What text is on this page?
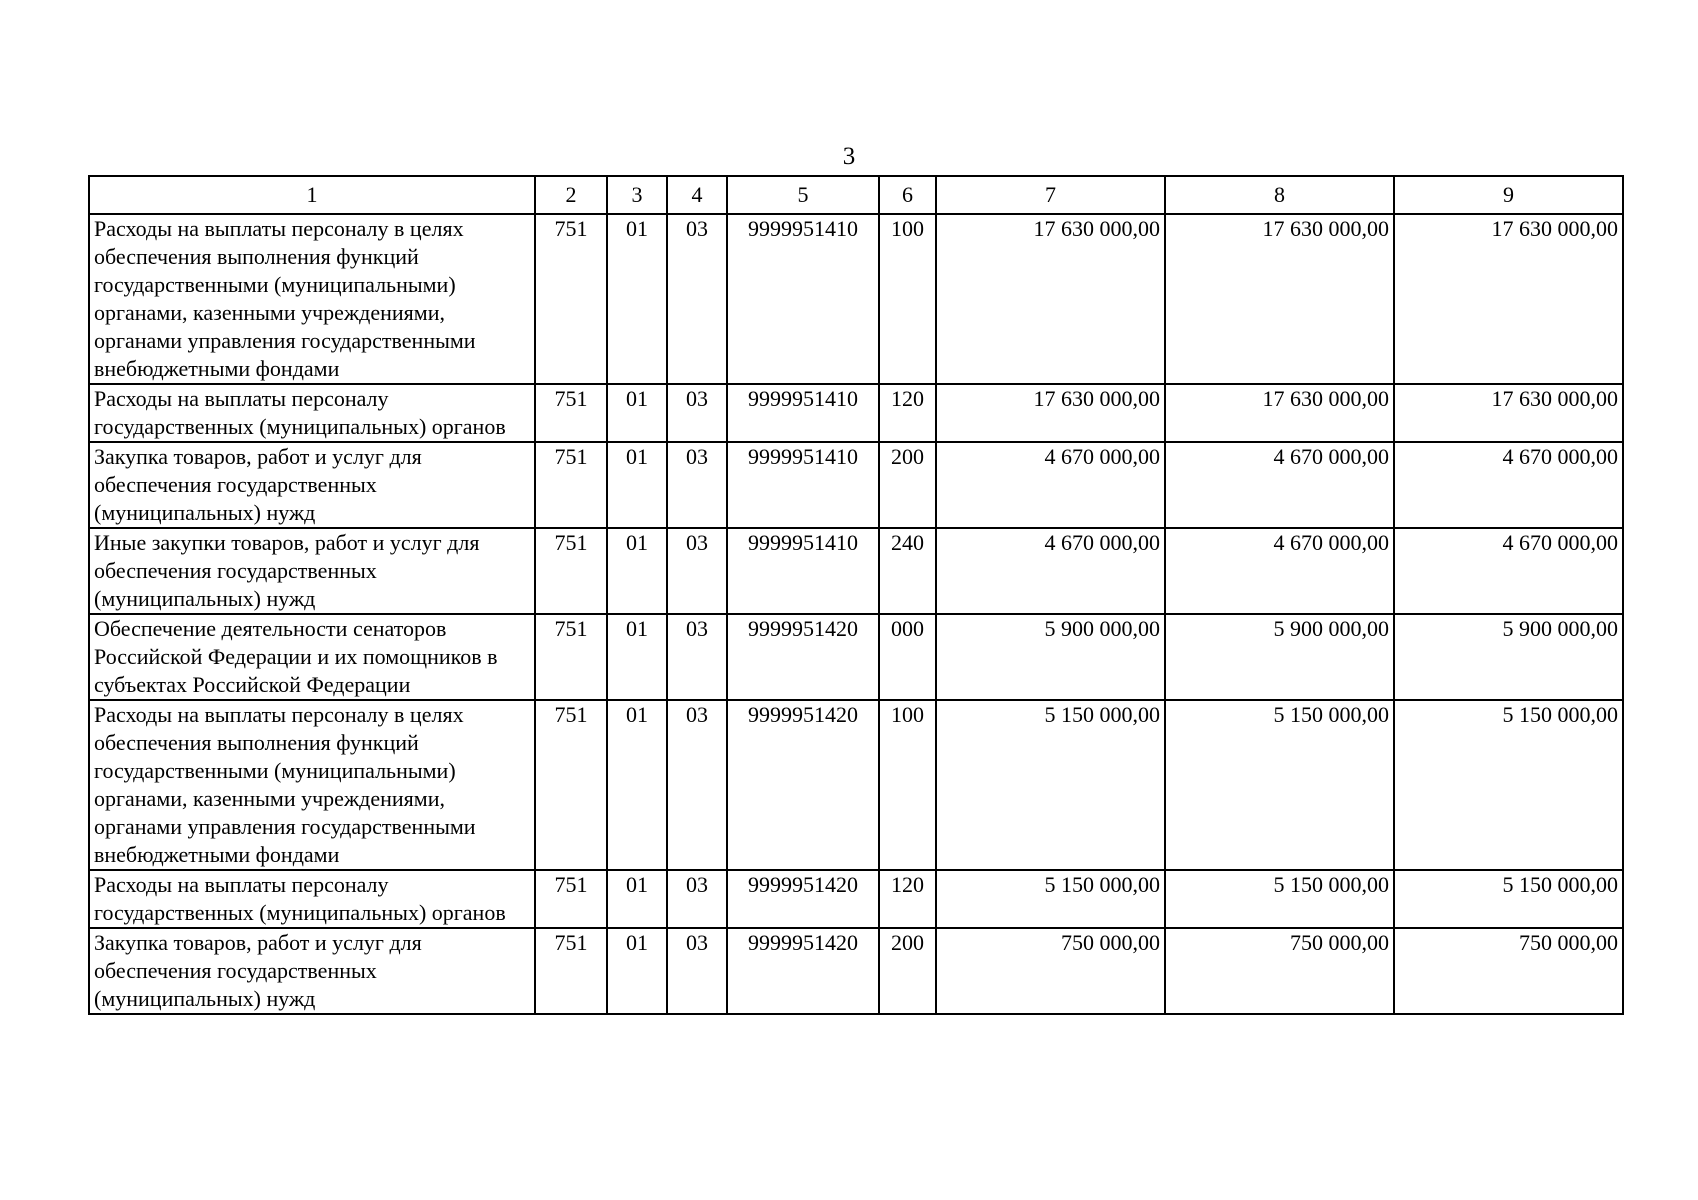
3
1	2	3	4	5	6	7	8	9
Расходы на выплаты персоналу в целях обеспечения выполнения функций государственными (муниципальными) органами, казенными учреждениями, органами управления государственными внебюджетными фондами	751	01	03	9999951410	100	17 630 000,00	17 630 000,00	17 630 000,00
Расходы на выплаты персоналу государственных (муниципальных) органов	751	01	03	9999951410	120	17 630 000,00	17 630 000,00	17 630 000,00
Закупка товаров, работ и услуг для обеспечения государственных (муниципальных) нужд	751	01	03	9999951410	200	4 670 000,00	4 670 000,00	4 670 000,00
Иные закупки товаров, работ и услуг для обеспечения государственных (муниципальных) нужд	751	01	03	9999951410	240	4 670 000,00	4 670 000,00	4 670 000,00
Обеспечение деятельности сенаторов Российской Федерации и их помощников в субъектах Российской Федерации	751	01	03	9999951420	000	5 900 000,00	5 900 000,00	5 900 000,00
Расходы на выплаты персоналу в целях обеспечения выполнения функций государственными (муниципальными) органами, казенными учреждениями, органами управления государственными внебюджетными фондами	751	01	03	9999951420	100	5 150 000,00	5 150 000,00	5 150 000,00
Расходы на выплаты персоналу государственных (муниципальных) органов	751	01	03	9999951420	120	5 150 000,00	5 150 000,00	5 150 000,00
Закупка товаров, работ и услуг для обеспечения государственных (муниципальных) нужд	751	01	03	9999951420	200	750 000,00	750 000,00	750 000,00
